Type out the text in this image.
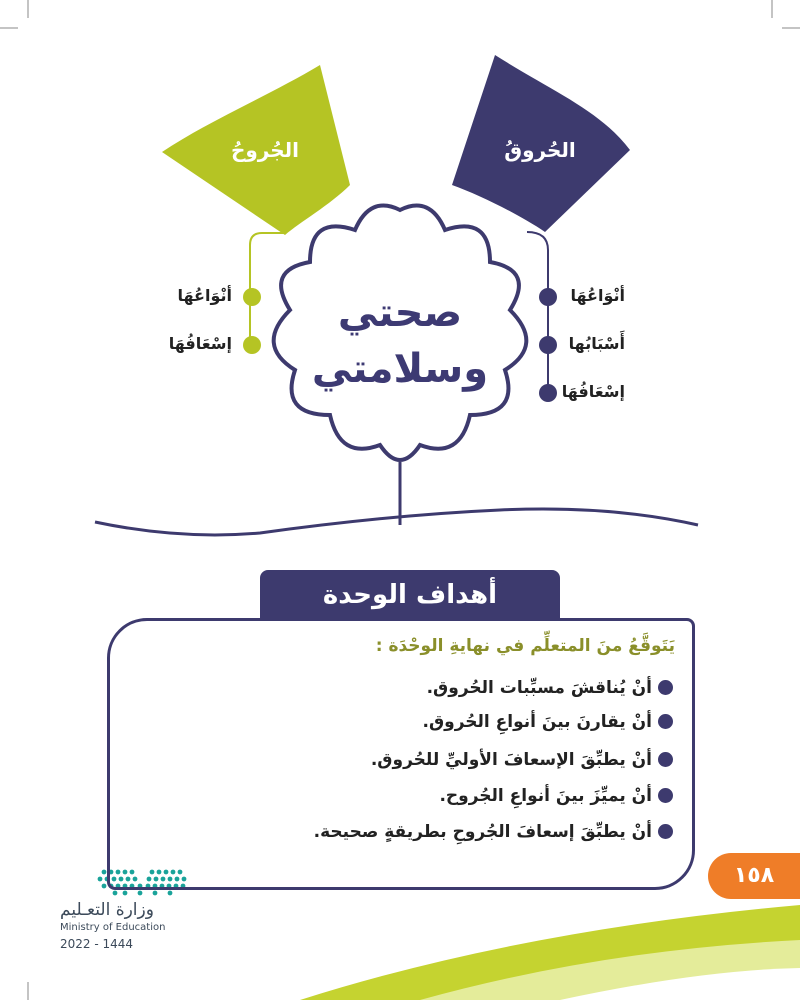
الجُروحُ	الحُروقُ
صحتي
وسلامتي
أنْوَاعُهَا
إسْعَافُهَا
أنْوَاعُهَا
أَسْبَابُها
إسْعَافُهَا
أهداف الوحدة
يَتَوقَّعُ منَ المتعلِّم في نهايةِ الوحْدَة :
أنْ يُناقشَ مسبِّبات الحُروق.
أنْ يقارنَ بينَ أنواعِ الحُروق.
أنْ يطبِّقَ الإسعافَ الأوليِّ للحُروق.
أنْ يميِّزَ بينَ أنواعِ الجُروح.
أنْ يطبِّقَ إسعافَ الجُروحِ بطريقةٍ صحيحة.
١٥٨
وزارة التعـليم
Ministry of Education
2022 - 1444
